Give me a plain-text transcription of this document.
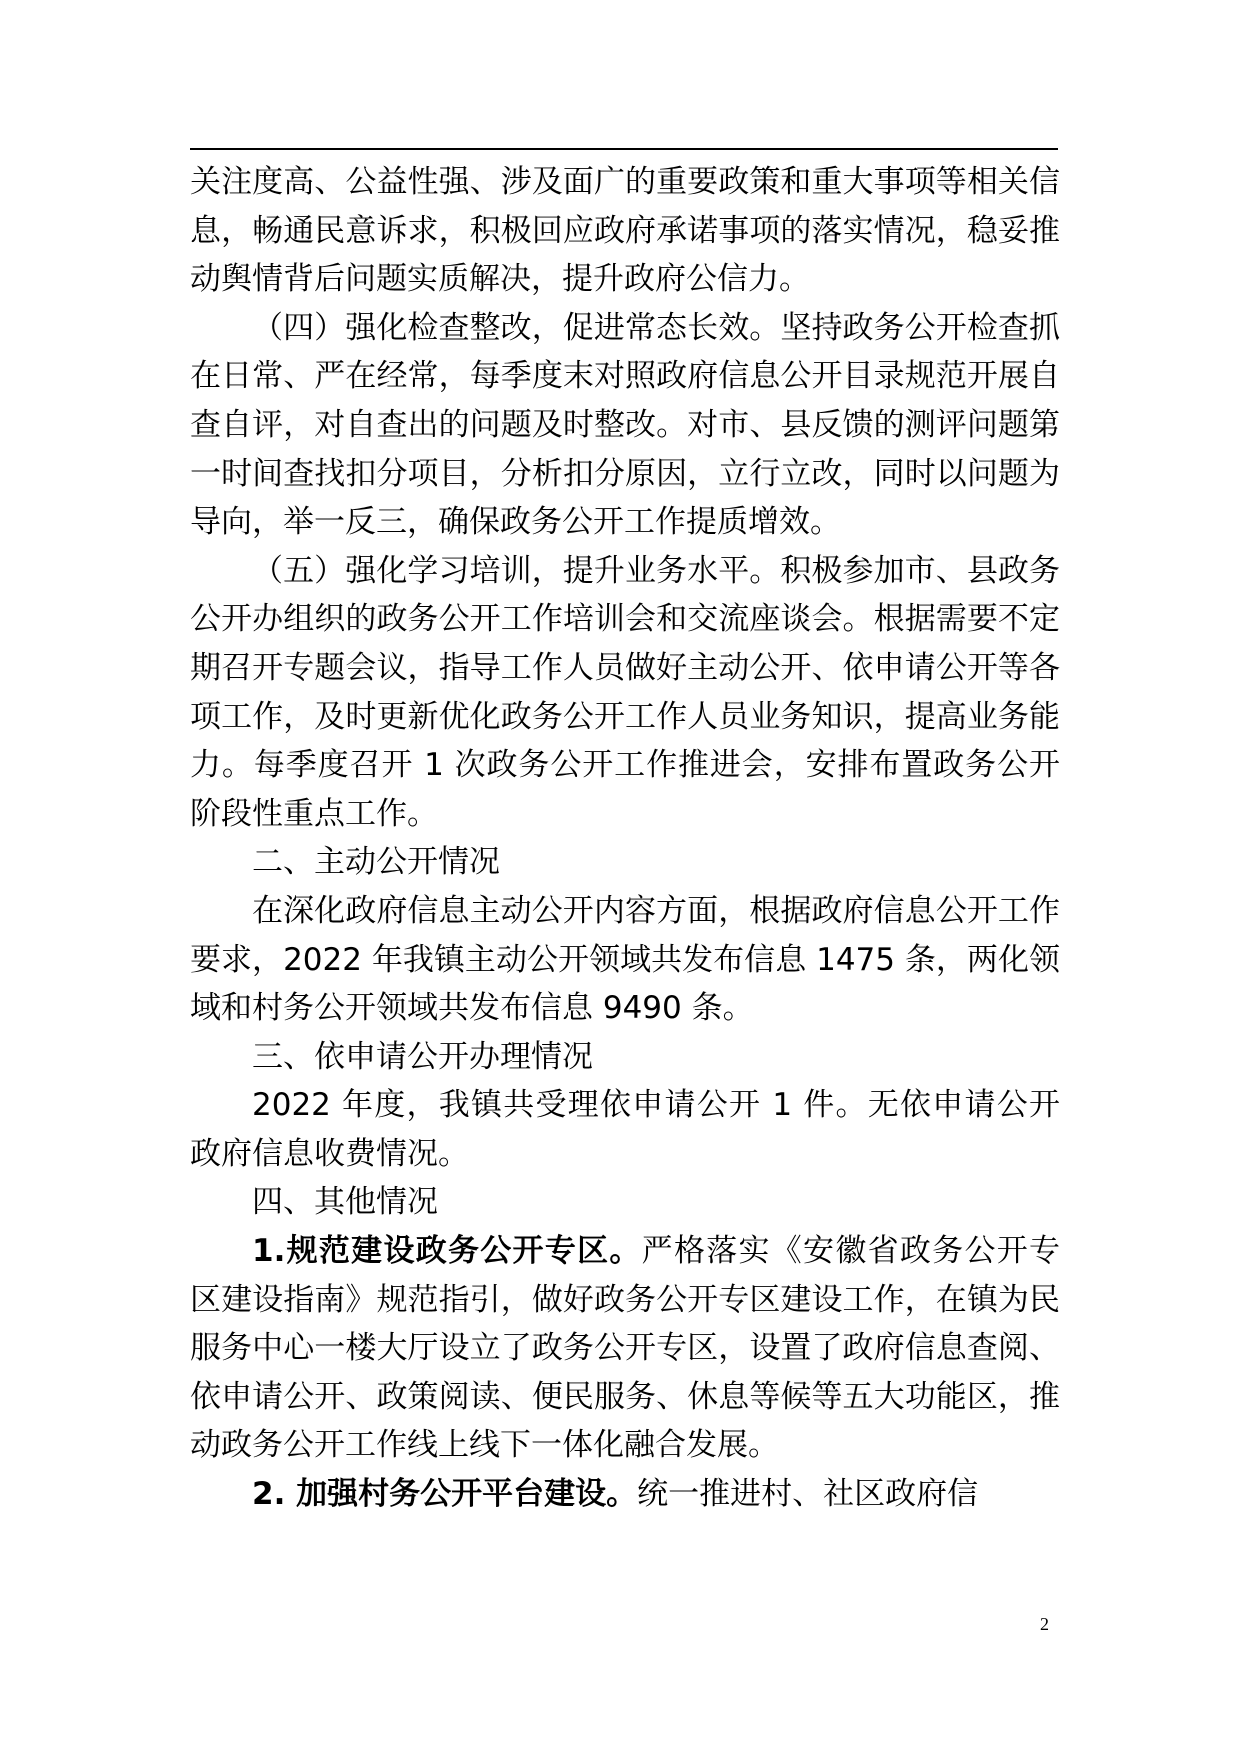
关注度高、公益性强、涉及面广的重要政策和重大事项等相关信息，畅通民意诉求，积极回应政府承诺事项的落实情况，稳妥推动舆情背后问题实质解决，提升政府公信力。

（四）强化检查整改，促进常态长效。坚持政务公开检查抓在日常、严在经常，每季度末对照政府信息公开目录规范开展自查自评，对自查出的问题及时整改。对市、县反馈的测评问题第一时间查找扣分项目，分析扣分原因，立行立改，同时以问题为导向，举一反三，确保政务公开工作提质增效。

（五）强化学习培训，提升业务水平。积极参加市、县政务公开办组织的政务公开工作培训会和交流座谈会。根据需要不定期召开专题会议，指导工作人员做好主动公开、依申请公开等各项工作，及时更新优化政务公开工作人员业务知识，提高业务能力。每季度召开 1 次政务公开工作推进会，安排布置政务公开阶段性重点工作。

二、主动公开情况

在深化政府信息主动公开内容方面，根据政府信息公开工作要求，2022 年我镇主动公开领域共发布信息 1475 条，两化领域和村务公开领域共发布信息 9490 条。

三、依申请公开办理情况

2022 年度，我镇共受理依申请公开 1 件。无依申请公开政府信息收费情况。

四、其他情况

1.规范建设政务公开专区。严格落实《安徽省政务公开专区建设指南》规范指引，做好政务公开专区建设工作，在镇为民服务中心一楼大厅设立了政务公开专区，设置了政府信息查阅、依申请公开、政策阅读、便民服务、休息等候等五大功能区，推动政务公开工作线上线下一体化融合发展。

2. 加强村务公开平台建设。统一推进村、社区政府信

2
